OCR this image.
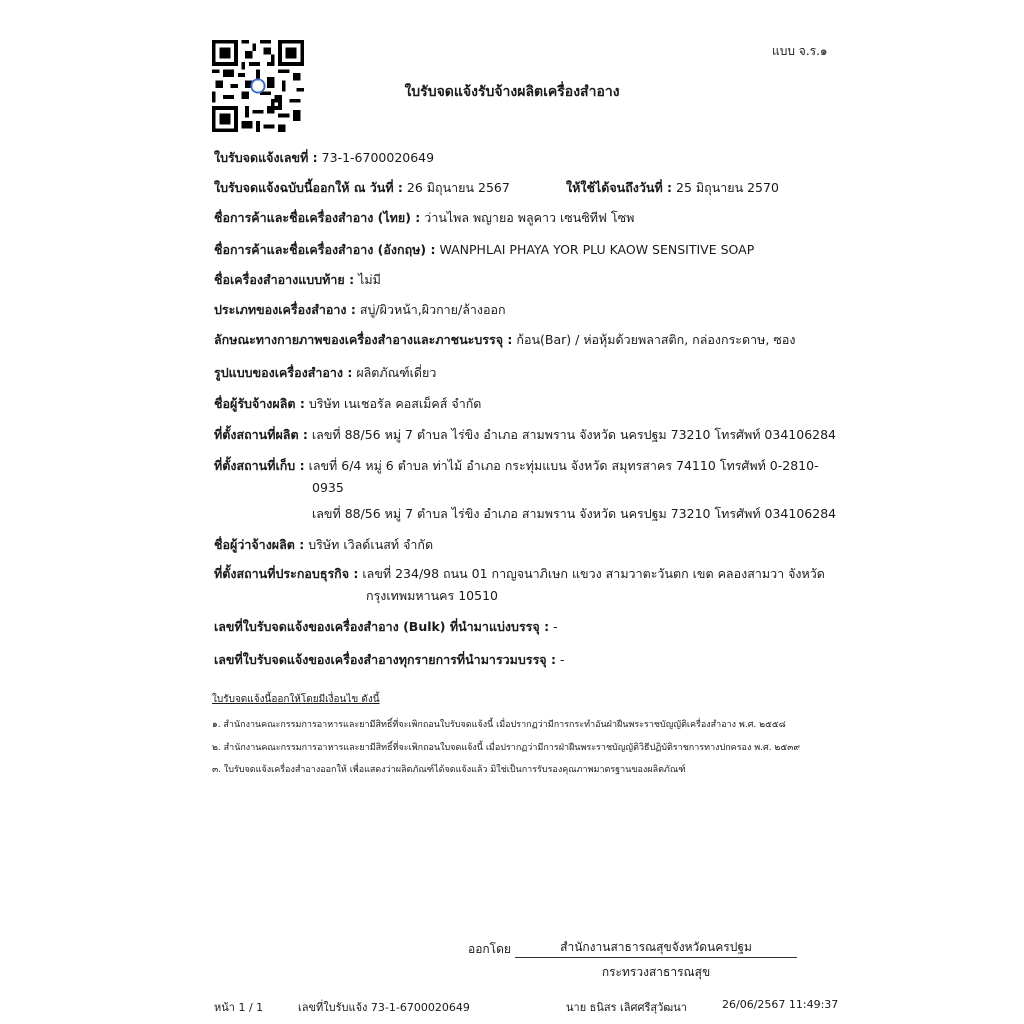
แบบ จ.ร.๑
ใบรับจดแจ้งรับจ้างผลิตเครื่องสำอาง
ใบรับจดแจ้งเลขที่ : 73-1-6700020649
ใบรับจดแจ้งฉบับนี้ออกให้ ณ วันที่ : 26 มิถุนายน 2567	ให้ใช้ได้จนถึงวันที่ : 25 มิถุนายน 2570
ชื่อการค้าและชื่อเครื่องสำอาง (ไทย) : ว่านไพล พญายอ พลูคาว เซนซิทีฟ โซพ
ชื่อการค้าและชื่อเครื่องสำอาง (อังกฤษ) : WANPHLAI PHAYA YOR PLU KAOW SENSITIVE SOAP
ชื่อเครื่องสำอางแบบท้าย : ไม่มี
ประเภทของเครื่องสำอาง : สบู่/ผิวหน้า,ผิวกาย/ล้างออก
ลักษณะทางกายภาพของเครื่องสำอางและภาชนะบรรจุ : ก้อน(Bar) / ห่อหุ้มด้วยพลาสติก, กล่องกระดาษ, ซอง
รูปแบบของเครื่องสำอาง : ผลิตภัณฑ์เดี่ยว
ชื่อผู้รับจ้างผลิต : บริษัท เนเชอรัล คอสเม็คส์ จำกัด
ที่ตั้งสถานที่ผลิต : เลขที่ 88/56 หมู่ 7 ตำบล ไร่ขิง อำเภอ สามพราน จังหวัด นครปฐม 73210 โทรศัพท์ 034106284
ที่ตั้งสถานที่เก็บ : เลขที่ 6/4 หมู่ 6 ตำบล ท่าไม้ อำเภอ กระทุ่มแบน จังหวัด สมุทรสาคร 74110 โทรศัพท์ 0-2810-
0935
เลขที่ 88/56 หมู่ 7 ตำบล ไร่ขิง อำเภอ สามพราน จังหวัด นครปฐม 73210 โทรศัพท์ 034106284
ชื่อผู้ว่าจ้างผลิต : บริษัท เวิลด์เนสท์ จำกัด
ที่ตั้งสถานที่ประกอบธุรกิจ : เลขที่ 234/98 ถนน 01 กาญจนาภิเษก แขวง สามวาตะวันตก เขต คลองสามวา จังหวัด
กรุงเทพมหานคร 10510
เลขที่ใบรับจดแจ้งของเครื่องสำอาง (Bulk) ที่นำมาแบ่งบรรจุ : -
เลขที่ใบรับจดแจ้งของเครื่องสำอางทุกรายการที่นำมารวมบรรจุ : -
ใบรับจดแจ้งนี้ออกให้โดยมีเงื่อนไข ดังนี้
๑. สำนักงานคณะกรรมการอาหารและยามีสิทธิ์ที่จะเพิกถอนใบรับจดแจ้งนี้ เมื่อปรากฏว่ามีการกระทำอันฝ่าฝืนพระราชบัญญัติเครื่องสำอาง พ.ศ. ๒๕๕๘
๒. สำนักงานคณะกรรมการอาหารและยามีสิทธิ์ที่จะเพิกถอนใบจดแจ้งนี้ เมื่อปรากฏว่ามีการฝ่าฝืนพระราชบัญญัติวิธีปฏิบัติราชการทางปกครอง พ.ศ. ๒๕๓๙
๓. ใบรับจดแจ้งเครื่องสำอางออกให้ เพื่อแสดงว่าผลิตภัณฑ์ได้จดแจ้งแล้ว มิใช่เป็นการรับรองคุณภาพมาตรฐานของผลิตภัณฑ์
ออกโดย	สำนักงานสาธารณสุขจังหวัดนครปฐม
กระทรวงสาธารณสุข
หน้า 1 / 1	เลขที่ใบรับแจ้ง 73-1-6700020649	นาย ธนิสร เลิศศรีสุวัฒนา	26/06/2567 11:49:37
